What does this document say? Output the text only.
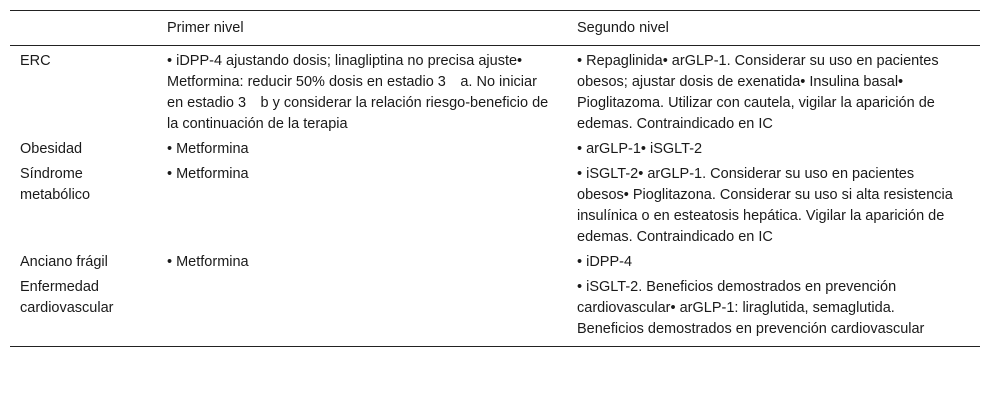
	Primer nivel	Segundo nivel
ERC	• iDPP-4 ajustando dosis; linagliptina no precisa ajuste• Metformina: reducir 50% dosis en estadio 3 a. No iniciar en estadio 3 b y considerar la relación riesgo-beneficio de la continuación de la terapia	• Repaglinida• arGLP-1. Considerar su uso en pacientes obesos; ajustar dosis de exenatida• Insulina basal• Pioglitazoma. Utilizar con cautela, vigilar la aparición de edemas. Contraindicado en IC
Obesidad	• Metformina	• arGLP-1• iSGLT-2
Síndrome metabólico	• Metformina	• iSGLT-2• arGLP-1. Considerar su uso en pacientes obesos• Pioglitazona. Considerar su uso si alta resistencia insulínica o en esteatosis hepática. Vigilar la aparición de edemas. Contraindicado en IC
Anciano frágil	• Metformina	• iDPP-4
Enfermedad cardiovascular		• iSGLT-2. Beneficios demostrados en prevención cardiovascular• arGLP-1: liraglutida, semaglutida. Beneficios demostrados en prevención cardiovascular
